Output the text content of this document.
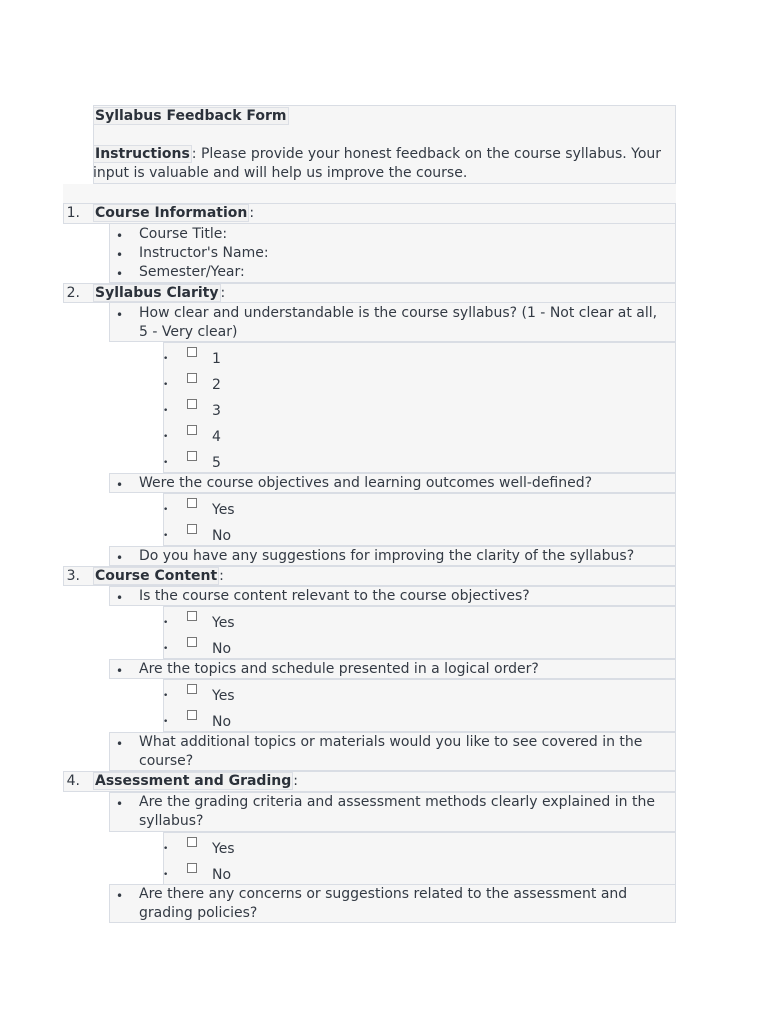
Syllabus Feedback Form
Instructions : Please provide your honest feedback on the course syllabus. Your input is valuable and will help us improve the course.
1. Course Information :
• Course Title:
• Instructor's Name:
• Semester/Year:
2. Syllabus Clarity :
• How clear and understandable is the course syllabus? (1 - Not clear at all, 5 - Very clear)
•	1
•	2
•	3
•	4
•	5
• Were the course objectives and learning outcomes well-defined?
•	Yes
•	No
• Do you have any suggestions for improving the clarity of the syllabus?
3. Course Content :
• Is the course content relevant to the course objectives?
•	Yes
•	No
• Are the topics and schedule presented in a logical order?
•	Yes
•	No
• What additional topics or materials would you like to see covered in the course?
4. Assessment and Grading :
• Are the grading criteria and assessment methods clearly explained in the syllabus?
•	Yes
•	No
• Are there any concerns or suggestions related to the assessment and grading policies?
